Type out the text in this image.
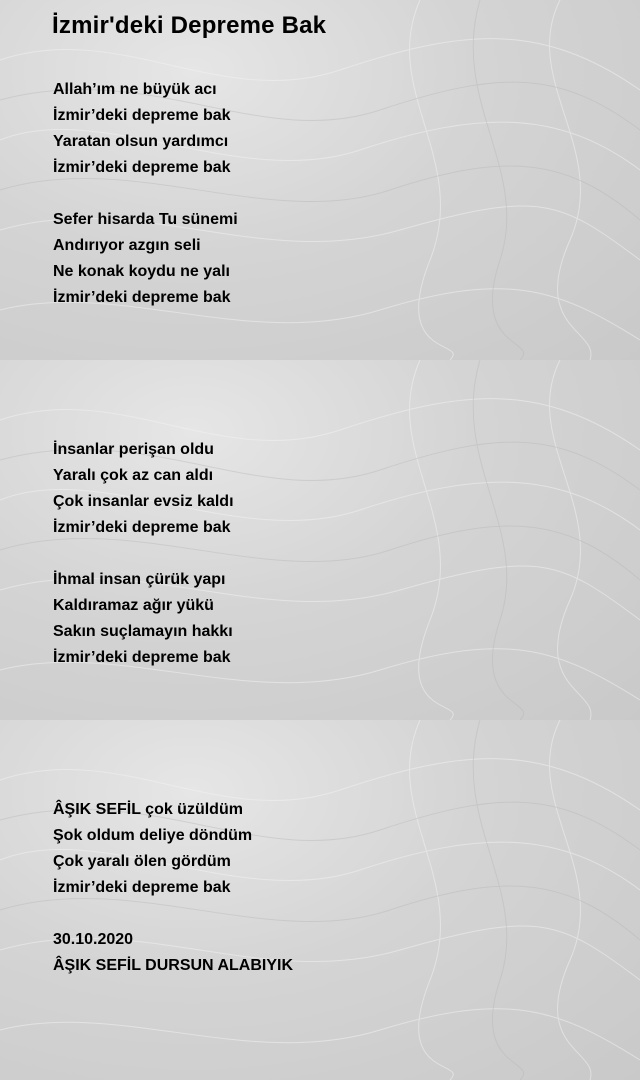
İzmir'deki Depreme Bak
Allah’ım ne büyük acı
İzmir’deki depreme bak
Yaratan olsun yardımcı
İzmir’deki depreme bak
Sefer hisarda Tu sünemi
Andırıyor azgın seli
Ne konak koydu ne yalı
İzmir’deki depreme bak
İnsanlar perişan oldu
Yaralı çok az can aldı
Çok insanlar evsiz kaldı
İzmir’deki depreme bak
İhmal insan çürük yapı
Kaldıramaz ağır yükü
Sakın suçlamayın hakkı
İzmir’deki depreme bak
ÂŞIK SEFİL çok üzüldüm
Şok oldum deliye döndüm
Çok yaralı ölen gördüm
İzmir’deki depreme bak
30.10.2020
ÂŞIK SEFİL DURSUN ALABIYIK
